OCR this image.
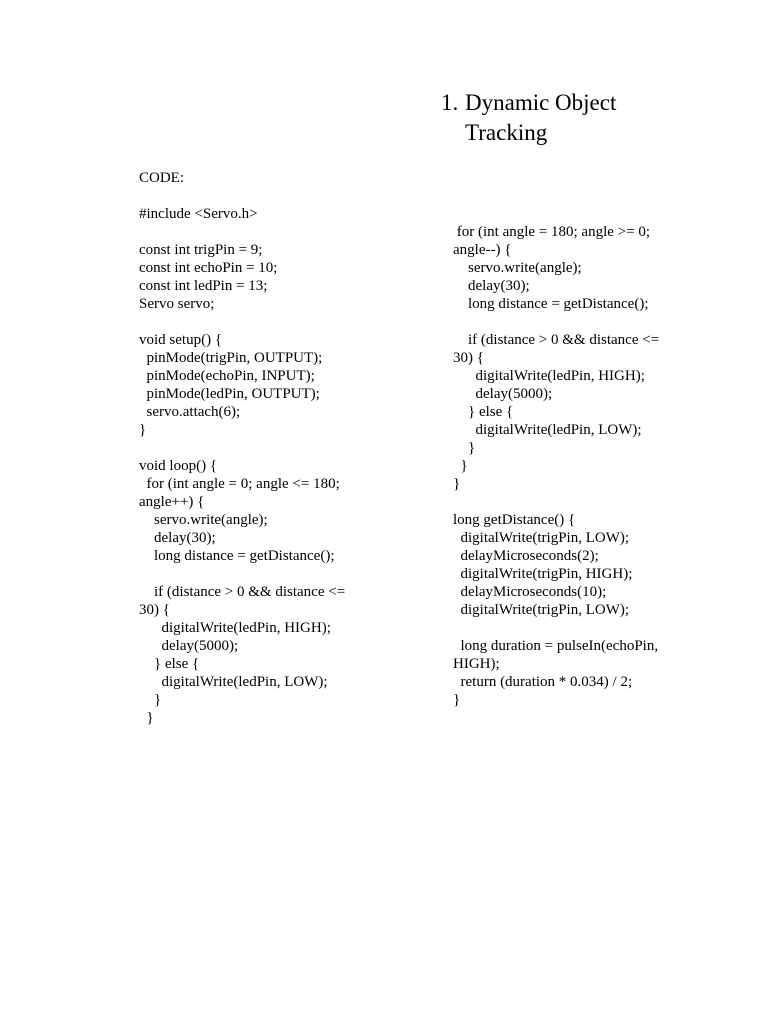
1. Dynamic Object
Tracking
CODE:
#include <Servo.h>
const int trigPin = 9;
const int echoPin = 10;
const int ledPin = 13;
Servo servo;
void setup() {
pinMode(trigPin, OUTPUT);
pinMode(echoPin, INPUT);
pinMode(ledPin, OUTPUT);
servo.attach(6);
}
void loop() {
for (int angle = 0; angle <= 180;
angle++) {
servo.write(angle);
delay(30);
long distance = getDistance();
if (distance > 0 && distance <=
30) {
digitalWrite(ledPin, HIGH);
delay(5000);
} else {
digitalWrite(ledPin, LOW);
}
}
for (int angle = 180; angle >= 0;
angle--) {
servo.write(angle);
delay(30);
long distance = getDistance();
if (distance > 0 && distance <=
30) {
digitalWrite(ledPin, HIGH);
delay(5000);
} else {
digitalWrite(ledPin, LOW);
}
}
}
long getDistance() {
digitalWrite(trigPin, LOW);
delayMicroseconds(2);
digitalWrite(trigPin, HIGH);
delayMicroseconds(10);
digitalWrite(trigPin, LOW);
long duration = pulseIn(echoPin,
HIGH);
return (duration * 0.034) / 2;
}
